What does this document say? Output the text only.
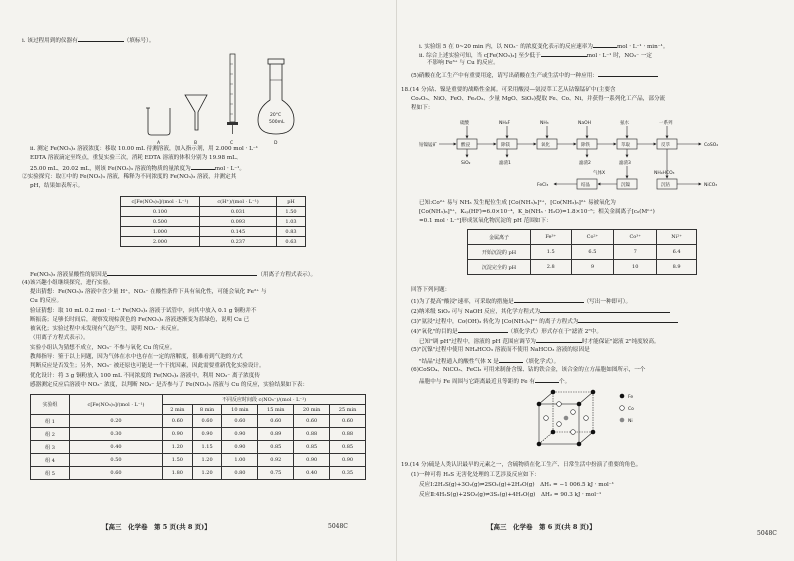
ⅰ. 该过程用到的仪器有	（填标号）。
20°C
500mL
A	B	C	D
ⅱ. 测定 Fe(NO₃)₃ 溶液浓度：移取 10.00 mL 待测溶液，加入指示剂，用 2.000 mol · L⁻¹
EDTA 溶液滴定至终点，重复实验三次，消耗 EDTA 溶液的体积分别为 19.98 mL、
25.00 mL、20.02 mL，则该 Fe(NO₃)₃ 溶液的物质的量浓度为	mol · L⁻¹。
②实验探究：取①中的 Fe(NO₃)₃ 溶液，稀释为不同浓度的 Fe(NO₃)₃ 溶液，并测定其
pH，结果如表所示。
c[Fe(NO₃)₃]/(mol · L⁻¹)	c(H⁺)/(mol · L⁻¹)	pH
0.100	0.031	1.50
0.500	0.093	1.03
1.000	0.145	0.83
2.000	0.237	0.63
Fe(NO₃)₃ 溶液显酸性的原因是	（用离子方程式表示）。
(4)该兴趣小组继续探究，进行实验。
提出猜想：Fe(NO₃)₃ 溶液中含少量 H⁺，NO₃⁻ 在酸性条件下具有氧化性，可能会氧化 Fe²⁺ 与
Cu 的反应。
验证猜想：取 10 mL 0.2 mol · L⁻¹ Fe(NO₃)₃ 溶液于试管中，向其中放入 0.1 g 铜粉并不
断振荡；足够长时间后，观察发现棕黄色的 Fe(NO₃)₃ 溶液逐渐变为蓝绿色，说明 Cu 已
被氧化；实验过程中未发现有气泡产生，说明 NO₃⁻ 未反应。
（用离子方程式表示）。
实验小组认为猜想不成立，NO₃⁻ 不参与氧化 Cu 的反应。
教师指导：鉴于以上问题，因为气体在水中也存在一定的溶解度，很难看到气泡的方式
判断反应是否发生；另外，NO₃⁻ 被还原也可能是一个干扰因素，因此需要重新优化实验设计。
优化设计：将 3 g 铜粉放入 100 mL 不同浓度的 Fe(NO₃)₃ 溶液中，利用 NO₃⁻ 离子浓度传
感器测定反应后溶液中 NO₃⁻ 浓度，以判断 NO₃⁻ 是否参与了 Fe(NO₃)₃ 溶液与 Cu 的反应，实验结果如下表：
实验组	c[Fe(NO₃)₃]/(mol · L⁻¹)	不同反应时间段 c(NO₃⁻)/(mol · L⁻¹)					
		2 min	8 min	10 min	15 min	20 min	25 min
组 1	0.20	0.60	0.60	0.60	0.60	0.60	0.60
组 2	0.30	0.90	0.90	0.90	0.89	0.88	0.88
组 3	0.40	1.20	1.15	0.90	0.85	0.85	0.85
组 4	0.50	1.50	1.20	1.00	0.92	0.90	0.90
组 5	0.60	1.80	1.20	0.80	0.75	0.40	0.35
【高三　化学卷　第 5 页(共 8 页)】	5048C
ⅰ. 实验组 5 在 0~20 min 内，以 NO₃⁻ 的浓度变化表示的反应速率为	mol · L⁻¹ · min⁻¹。
ⅱ. 综合上述实验可知，当 c[Fe(NO₃)₃] 至少低于	mol · L⁻¹ 时，NO₃⁻ 一定
不影响 Fe³⁺ 与 Cu 的反应。
(5)硝酸在化工生产中有重要用途，请写出硝酸在生产或生活中的一种应用：
18.(14 分)钴、镍是重要的战略性金属。可采用酸浸—氨浸萃工艺从钴镍锰矿中(主要含
Co₂O₃、NiO、FeO、Fe₂O₃、少量 MgO、SiO₂)提取 Fe、Co、Ni，并获得一系列化工产品，部分流
程如下：
钴镍锰矿	酸浸	除镁	氧化	除铁	萃取	反萃	CoSO₄
硫酸	NH₄F	NH₃	NaOH	氨水	一系列
SiO₂	滤渣1	滤渣2	滤渣3
结晶	沉镍	沉钴	NiCO₃
FeCl₃
气体X	NH₄HCO₃
已知:Co²⁺ 易与 NH₃ 发生配位生成 [Co(NH₃)₆]²⁺，[Co(NH₃)₆]²⁺ 易被氧化为
[Co(NH₃)₆]³⁺，Kₛₚ(HF)=6.0×10⁻⁴，K_b(NH₃ · H₂O)=1.8×10⁻⁵；相关金属离子[c₀(Mⁿ⁺)
=0.1 mol · L⁻¹]形成氢氧化物沉淀的 pH 范围如下：
金属离子	Fe³⁺	Co²⁺	Co³⁺	Ni²⁺
开始沉淀的 pH	1.5	6.5	7	6.4
沉淀完全的 pH	2.8	9	10	8.9
回答下列问题：
(1)为了提高"酸浸"速率，可采取的措施是	（写出一种即可）。
(2)纳米级 SiO₂ 可与 NaOH 反应，其化学方程式为
(3)"氨浸"过程中，Co(OH)₂ 转化为 [Co(NH₃)₆]²⁺ 的离子方程式为
(4)"氧化"的目的是	（填化学式）形式存在于"滤渣 2"中。
已知"调 pH"过程中，溶液的 pH 范围应调节为	时才能保证"滤液 2"纯度较高。
(5)"沉镍"过程中使用 NH₄HCO₃ 溶液而不使用 NaHCO₃ 溶液的原因是
"结晶"过程通入的酸性气体 X 是	（填化学式）。
(6)CoSO₄、NiCO₃、FeCl₃ 可用来制备含镍、钴的铁合金，该合金的立方晶胞如图所示，一个
晶胞中与 Fe 周围与它距离最近且等距的 Fe 有	个。
Fe
Co
Ni
19.(14 分)硫是人类认识最早的元素之一，含硫物质在化工生产、日常生活中扮演了重要的角色。
(1)一种可将 H₂S 无害化处理的工艺涉及反应如下：
反应Ⅰ:2H₂S(g)+3O₂(g)⇌2SO₂(g)+2H₂O(g)　ΔH₁ = −1 006.5 kJ · mol⁻¹
反应Ⅱ:4H₂S(g)+2SO₂(g)⇌3S₂(g)+4H₂O(g)　ΔH₂ = 90.3 kJ · mol⁻¹
【高三　化学卷　第 6 页(共 8 页)】
5048C
